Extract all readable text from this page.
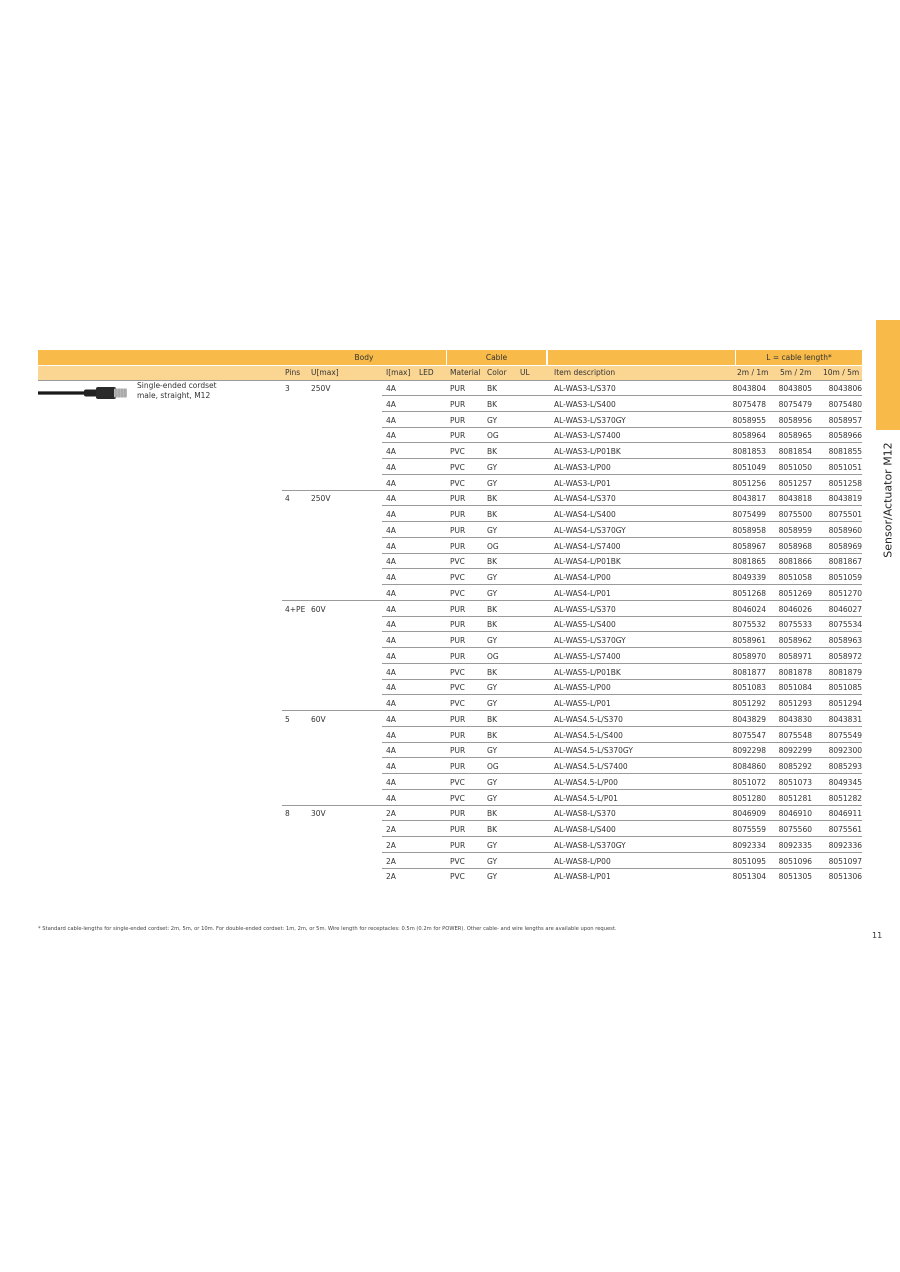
Body	Cable	L = cable length*
Pins U[max]	I[max] LED Material Color UL	Item description	2m / 1m 5m / 2m 10m / 5m
Single-ended cordset
male, straight, M12
3	250V	4A	PUR	BK	AL-WAS3-L/S370	8043804 8043805 8043806
4A	PUR	BK	AL-WAS3-L/S400	8075478 8075479 8075480
4A	PUR	GY	AL-WAS3-L/S370GY	8058955 8058956 8058957
4A	PUR	OG	AL-WAS3-L/S7400	8058964 8058965 8058966
4A	PVC	BK	AL-WAS3-L/P01BK	8081853 8081854 8081855
4A	PVC	GY	AL-WAS3-L/P00	8051049 8051050 8051051
4A	PVC	GY	AL-WAS3-L/P01	8051256 8051257 8051258
4	250V	4A	PUR	BK	AL-WAS4-L/S370	8043817 8043818 8043819
4A	PUR	BK	AL-WAS4-L/S400	8075499 8075500 8075501
4A	PUR	GY	AL-WAS4-L/S370GY	8058958 8058959 8058960
4A	PUR	OG	AL-WAS4-L/S7400	8058967 8058968 8058969
4A	PVC	BK	AL-WAS4-L/P01BK	8081865 8081866 8081867
4A	PVC	GY	AL-WAS4-L/P00	8049339 8051058 8051059
4A	PVC	GY	AL-WAS4-L/P01	8051268 8051269 8051270
4+PE 60V	4A	PUR	BK	AL-WAS5-L/S370	8046024 8046026 8046027
4A	PUR	BK	AL-WAS5-L/S400	8075532 8075533 8075534
4A	PUR	GY	AL-WAS5-L/S370GY	8058961 8058962 8058963
4A	PUR	OG	AL-WAS5-L/S7400	8058970 8058971 8058972
4A	PVC	BK	AL-WAS5-L/P01BK	8081877 8081878 8081879
4A	PVC	GY	AL-WAS5-L/P00	8051083 8051084 8051085
4A	PVC	GY	AL-WAS5-L/P01	8051292 8051293 8051294
5	60V	4A	PUR	BK	AL-WAS4.5-L/S370	8043829 8043830 8043831
4A	PUR	BK	AL-WAS4.5-L/S400	8075547 8075548 8075549
4A	PUR	GY	AL-WAS4.5-L/S370GY	8092298 8092299 8092300
4A	PUR	OG	AL-WAS4.5-L/S7400	8084860 8085292 8085293
4A	PVC	GY	AL-WAS4.5-L/P00	8051072 8051073 8049345
4A	PVC	GY	AL-WAS4.5-L/P01	8051280 8051281 8051282
8	30V	2A	PUR	BK	AL-WAS8-L/S370	8046909 8046910 8046911
2A	PUR	BK	AL-WAS8-L/S400	8075559 8075560 8075561
2A	PUR	GY	AL-WAS8-L/S370GY	8092334 8092335 8092336
2A	PVC	GY	AL-WAS8-L/P00	8051095 8051096 8051097
2A	PVC	GY	AL-WAS8-L/P01	8051304 8051305 8051306
Sensor/Actuator M12
* Standard cable-lengths for single-ended cordset: 2m, 5m, or 10m. For double-ended cordset: 1m, 2m, or 5m. Wire length for receptacles: 0.5m (0.2m for POWER). Other cable- and wire lengths are available upon request.
11
